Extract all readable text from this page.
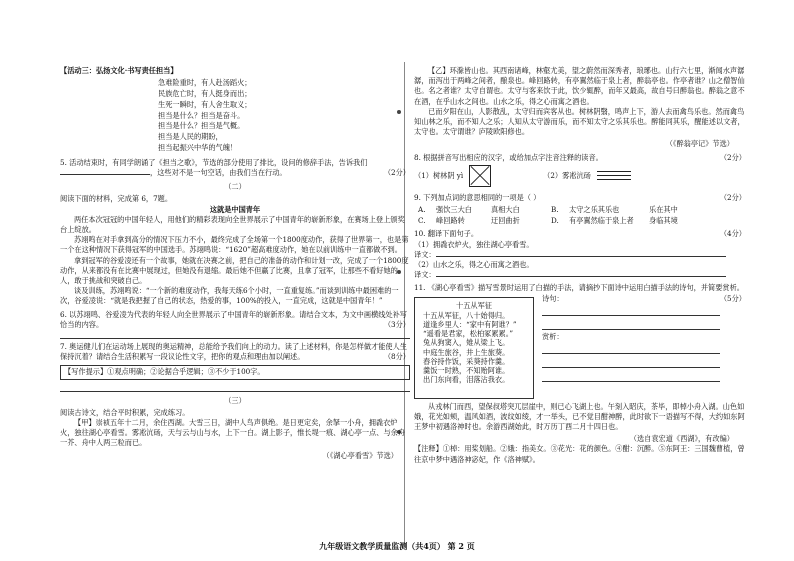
【活动三：弘扬文化·书写责任担当】

急难险重时，有人赴汤蹈火；
民族危亡时，有人挺身而出；
生死一瞬时，有人舍生取义；
担当是什么？担当是奋斗。
担当是什么？担当是气概。
担当是人民的期盼，
担当起振兴中华的气魄！

5. 活动结束时，有同学朗诵了《担当之歌》，节选的部分使用了排比，设问的修辞手法，告诉我们，这些对不是一句空话，由我们当在行动。	（2分）

（二）

阅读下面的材料，完成第 6，7题。

这就是中国青年

两任本次冠冠的中国年轻人，用他们的精彩表现向全世界展示了中国青年的崭新形象，在赛场上登上颁奖台上绽放。

苏翊鸣在对手拿到高分的情况下压力不小，最终完成了全场第一个1800度动作，获得了世界第一，也是第一个在这种情况下获得冠军的中国选手。苏翊鸣说：“1620”超高难度动作，她在以前训练中一直都做不到。

拿到冠军的谷爱凌还有一个故事，她就在决赛之前，把自己的准备的动作和计划一改，完成了一个1800度动作，从来都没有在比赛中展现过，但她没有退缩。最后她不但赢了比赛，且拿了冠军，让那些不看好她的人，敢于挑战和突破自己。

谈及训练，苏翊鸣说：“一个新的难度动作，我每天练6个小时，一直重复练。”而谈到训练中最困难的一次，谷爱凌说：“就是我把握了自己的状态，热爱的事，100%的投入，一直完成，这就是中国青年！”

6. 以苏翊鸣、谷爱凌为代表的年轻人向全世界展示了中国青年的崭新形象。请结合文本，为文中画横线处补写恰当的内容。	（3分）

7. 奥运健儿们在运动场上展现的奥运精神，总能给予我们向上的动力。读了上述材料，你是怎样做才能使人生保持沉着？请结合生活积累写一段议论性文字，把你的观点和理由加以阐述。	（8分）

【写作提示】①观点明确；②论据合乎逻辑；③不少于100字。

（三）

阅读古诗文，结合平时积累，完成练习。

【甲】崇祯五年十二月，余住西湖。大雪三日，湖中人鸟声俱绝。是日更定矣，余拏一小舟，拥毳衣炉火，独往湖心亭看雪。雾凇沆砀，天与云与山与水，上下一白。湖上影子，惟长堤一痕、湖心亭一点、与余舟一芥、舟中人两三粒而已。

（《湖心亭看雪》节选）

【乙】环滁皆山也。其西南诸峰，林壑尤美，望之蔚然而深秀者，琅琊也。山行六七里，渐闻水声潺潺，而泻出于两峰之间者，酿泉也。峰回路转，有亭翼然临于泉上者，醉翁亭也。作亭者谁？山之僧智仙也。名之者谁？太守自谓也。太守与客来饮于此，饮少辄醉，而年又最高，故自号曰醉翁也。醉翁之意不在酒，在乎山水之间也。山水之乐，得之心而寓之酒也。

已而夕阳在山，人影散乱，太守归而宾客从也。树林阴翳，鸣声上下，游人去而禽鸟乐也。然而禽鸟知山林之乐，而不知人之乐；人知从太守游而乐，而不知太守之乐其乐也。醉能同其乐，醒能述以文者，太守也。太守谓谁？庐陵欧阳修也。

（《醉翁亭记》节选）

8. 根据拼音写出相应的汉字，或给加点字注音注释的读音。	（2分）

（1）树林阴 yì	（2）雾凇沆砀

9. 下列加点词的意思相同的一项是（ ）	（2分）

A.	强饮三大白	真相大白	B.	太守之乐其乐也	乐在其中
C.	峰回路转	迂回曲折	D.	有亭翼然临于泉上者	身临其境

10. 翻译下面句子。	（4分）

（1）拥毳衣炉火，独往湖心亭看雪。

译文：

（2）山水之乐，得之心而寓之酒也。

译文：

11. 《湖心亭看雪》描写雪景时运用了白描的手法，请摘抄下面诗中运用白描手法的诗句，并简要赏析。
（5分）

十五从军征
十五从军征，八十始得归。
道逢乡里人：“家中有阿谁？”
“遥看是君家，松柏冢累累。”
兔从狗窦入，雉从梁上飞。
中庭生旅谷，井上生旅葵。
舂谷持作饭，采葵持作羹。
羹饭一时熟，不知贻阿谁。
出门东向看，泪落沾我衣。

诗句：

赏析：

从戎林门而西，望保叔塔突兀层崖中，则已心飞湖上也。午刻入昭庆，茶毕，即棹小舟入湖。山色如娥，花光如颊，温风如酒，波纹如绫，才一举头，已不觉目酣神醉，此时欲下一语描写不得，大约如东阿王梦中初遇洛神时也。余游西湖始此，时万历丁酉二月十四日也。

（选自袁宏道《西湖》，有改编）

【注释】①棹：用桨划船。②娥：指美女。③花光：花的颜色。④酣：沉醉。⑤东阿王：三国魏曹植，曾往京中梦中遇洛神宓妃，作《洛神赋》。

九年级语文教学质量监测（共4页） 第 2 页
